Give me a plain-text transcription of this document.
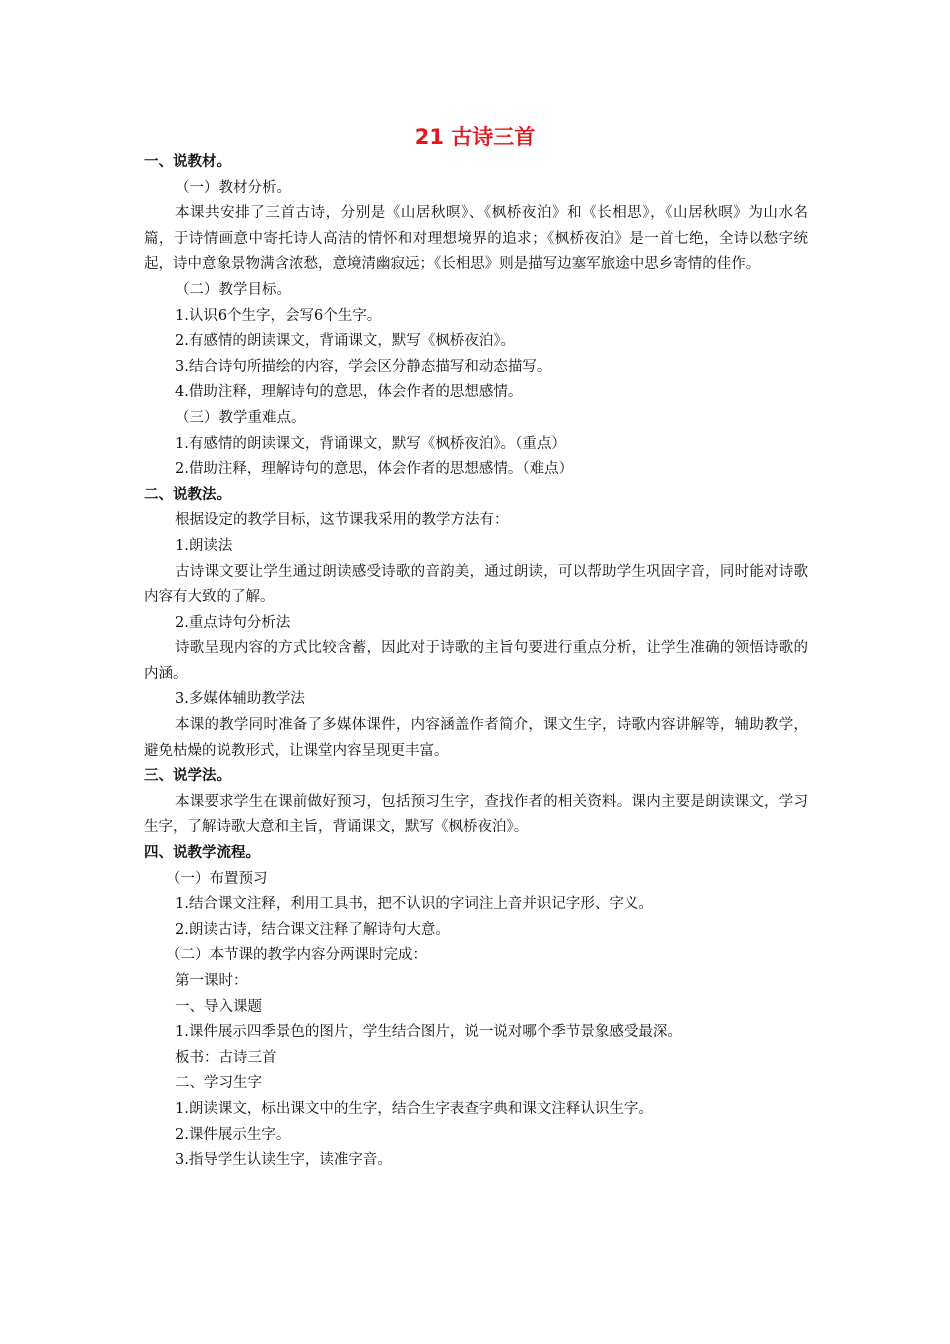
21 古诗三首

一、说教材。

（一）教材分析。

本课共安排了三首古诗，分别是《山居秋暝》、《枫桥夜泊》和《长相思》，《山居秋暝》为山水名篇，于诗情画意中寄托诗人高洁的情怀和对理想境界的追求；《枫桥夜泊》是一首七绝，全诗以愁字统起，诗中意象景物满含浓愁，意境清幽寂远；《长相思》则是描写边塞军旅途中思乡寄情的佳作。

（二）教学目标。

1.认识6个生字，会写6个生字。

2.有感情的朗读课文，背诵课文，默写《枫桥夜泊》。

3.结合诗句所描绘的内容，学会区分静态描写和动态描写。

4.借助注释，理解诗句的意思，体会作者的思想感情。

（三）教学重难点。

1.有感情的朗读课文，背诵课文，默写《枫桥夜泊》。（重点）

2.借助注释，理解诗句的意思，体会作者的思想感情。（难点）

二、说教法。

根据设定的教学目标，这节课我采用的教学方法有：

1.朗读法

古诗课文要让学生通过朗读感受诗歌的音韵美，通过朗读，可以帮助学生巩固字音，同时能对诗歌内容有大致的了解。

2.重点诗句分析法

诗歌呈现内容的方式比较含蓄，因此对于诗歌的主旨句要进行重点分析，让学生准确的领悟诗歌的内涵。

3.多媒体辅助教学法

本课的教学同时准备了多媒体课件，内容涵盖作者简介，课文生字，诗歌内容讲解等，辅助教学，避免枯燥的说教形式，让课堂内容呈现更丰富。

三、说学法。

本课要求学生在课前做好预习，包括预习生字，查找作者的相关资料。课内主要是朗读课文，学习生字，了解诗歌大意和主旨，背诵课文，默写《枫桥夜泊》。

四、说教学流程。

（一）布置预习

1.结合课文注释，利用工具书，把不认识的字词注上音并识记字形、字义。

2.朗读古诗，结合课文注释了解诗句大意。

（二）本节课的教学内容分两课时完成：

第一课时：

一、导入课题

1.课件展示四季景色的图片，学生结合图片，说一说对哪个季节景象感受最深。

板书：古诗三首

二、学习生字

1.朗读课文，标出课文中的生字，结合生字表查字典和课文注释认识生字。

2.课件展示生字。

3.指导学生认读生字，读准字音。
